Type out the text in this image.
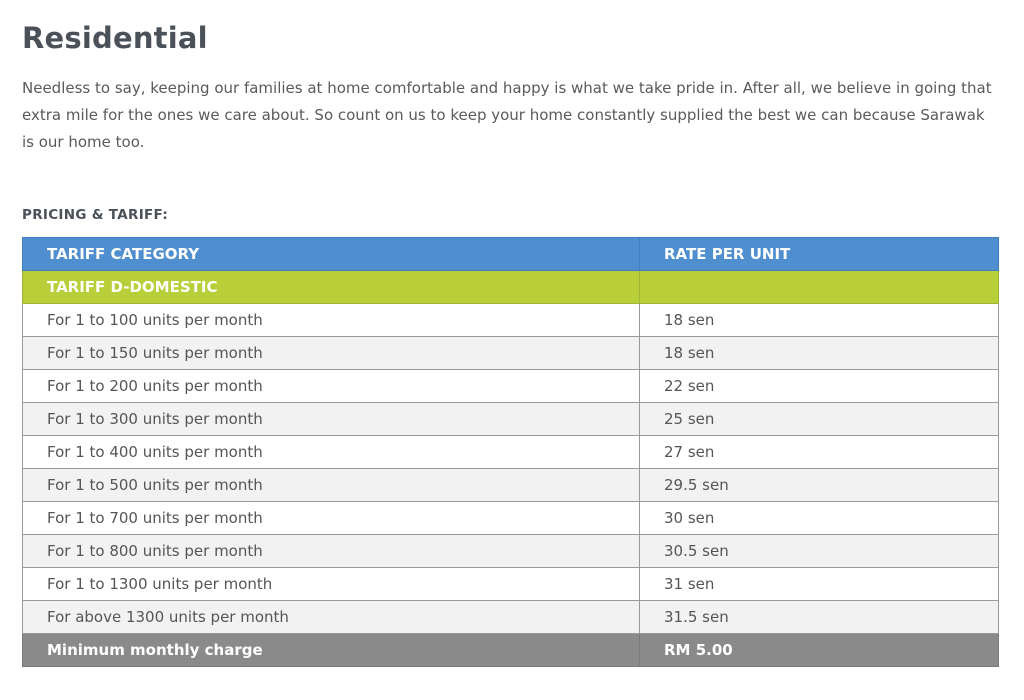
Residential

Needless to say, keeping our families at home comfortable and happy is what we take pride in. After all, we believe in going that extra mile for the ones we care about. So count on us to keep your home constantly supplied the best we can because Sarawak is our home too.

PRICING & TARIFF:
TARIFF CATEGORY	RATE PER UNIT
TARIFF D-DOMESTIC	
For 1 to 100 units per month	18 sen
For 1 to 150 units per month	18 sen
For 1 to 200 units per month	22 sen
For 1 to 300 units per month	25 sen
For 1 to 400 units per month	27 sen
For 1 to 500 units per month	29.5 sen
For 1 to 700 units per month	30 sen
For 1 to 800 units per month	30.5 sen
For 1 to 1300 units per month	31 sen
For above 1300 units per month	31.5 sen
Minimum monthly charge	RM 5.00
